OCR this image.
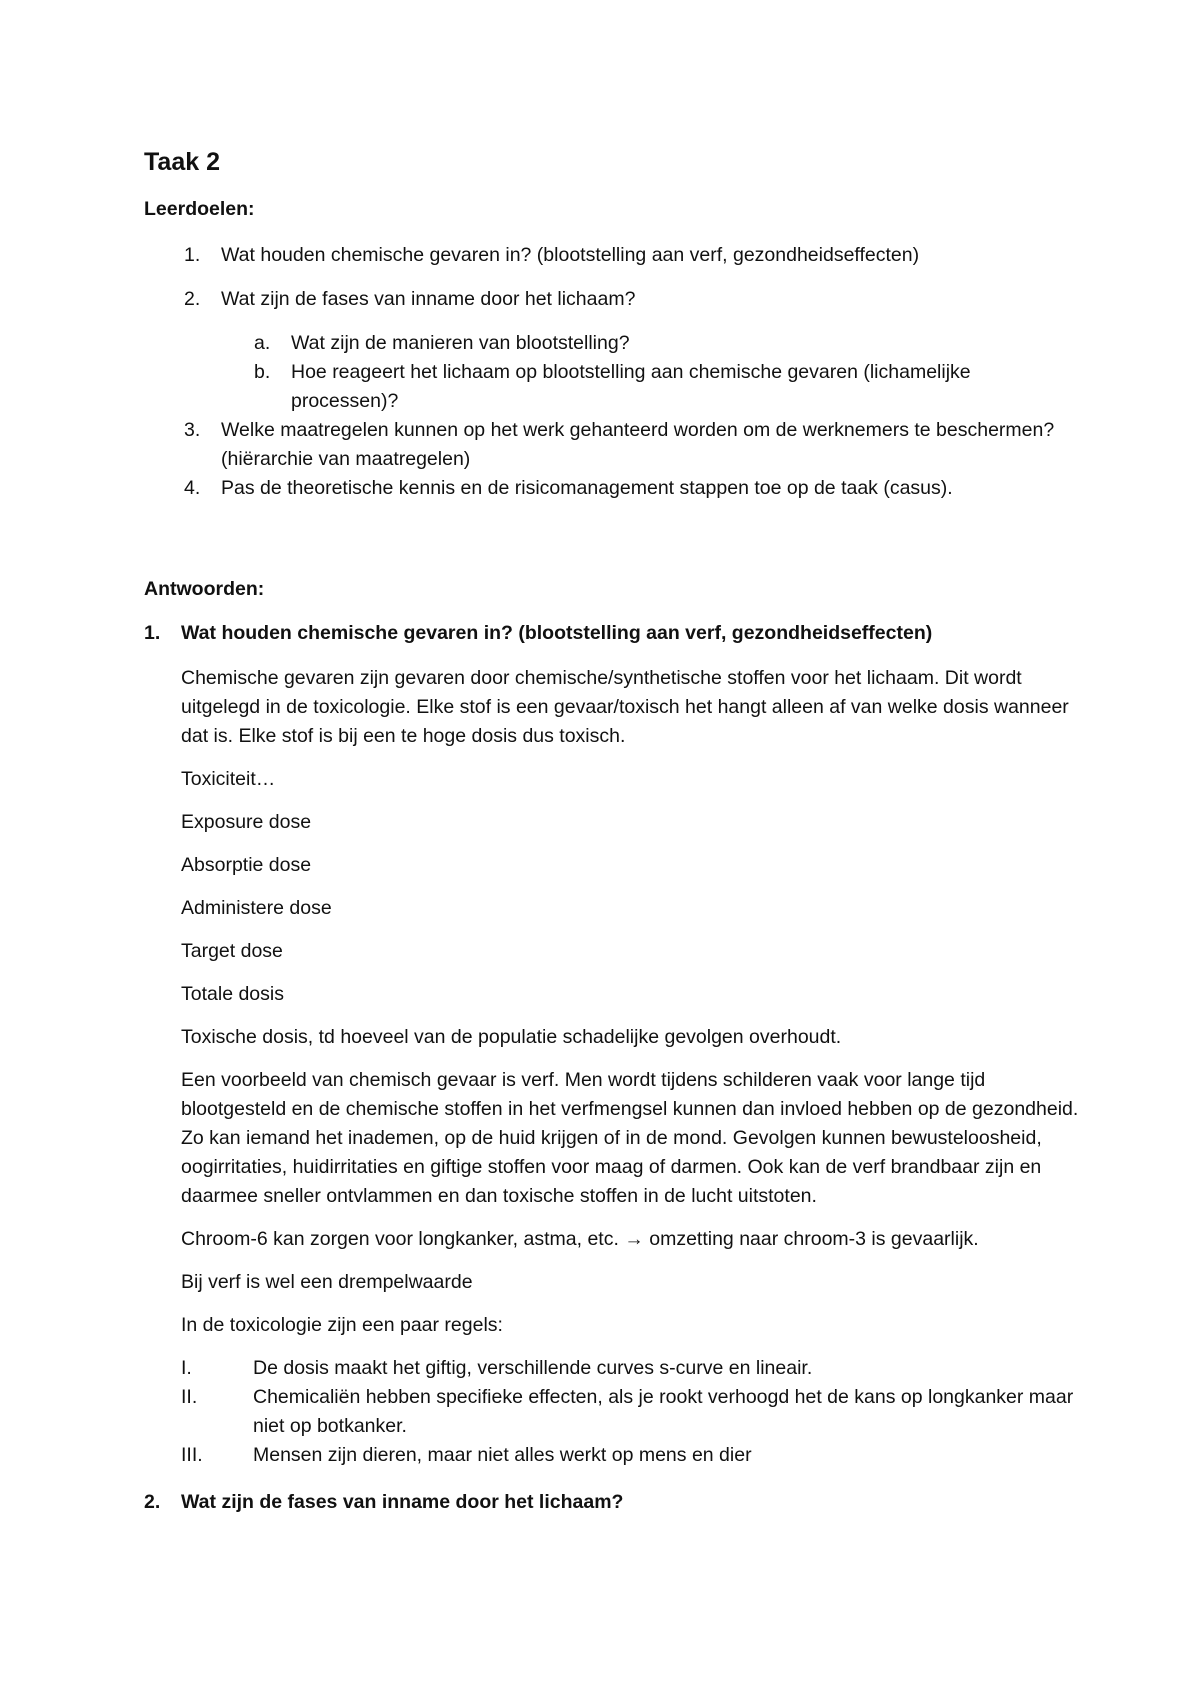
Taak 2
Leerdoelen:
1.	Wat houden chemische gevaren in? (blootstelling aan verf, gezondheidseffecten)
2.	Wat zijn de fases van inname door het lichaam?
a.	Wat zijn de manieren van blootstelling?
b.	Hoe reageert het lichaam op blootstelling aan chemische gevaren (lichamelijke processen)?
3.	Welke maatregelen kunnen op het werk gehanteerd worden om de werknemers te beschermen? (hiërarchie van maatregelen)
4.	Pas de theoretische kennis en de risicomanagement stappen toe op de taak (casus).
Antwoorden:
1.	Wat houden chemische gevaren in? (blootstelling aan verf, gezondheidseffecten)

Chemische gevaren zijn gevaren door chemische/synthetische stoffen voor het lichaam. Dit wordt uitgelegd in de toxicologie. Elke stof is een gevaar/toxisch het hangt alleen af van welke dosis wanneer dat is. Elke stof is bij een te hoge dosis dus toxisch.

Toxiciteit…

Exposure dose

Absorptie dose

Administere dose

Target dose

Totale dosis

Toxische dosis, td hoeveel van de populatie schadelijke gevolgen overhoudt.

Een voorbeeld van chemisch gevaar is verf. Men wordt tijdens schilderen vaak voor lange tijd blootgesteld en de chemische stoffen in het verfmengsel kunnen dan invloed hebben op de gezondheid. Zo kan iemand het inademen, op de huid krijgen of in de mond. Gevolgen kunnen bewusteloosheid, oogirritaties, huidirritaties en giftige stoffen voor maag of darmen. Ook kan de verf brandbaar zijn en daarmee sneller ontvlammen en dan toxische stoffen in de lucht uitstoten.

Chroom-6 kan zorgen voor longkanker, astma, etc. → omzetting naar chroom-3 is gevaarlijk.

Bij verf is wel een drempelwaarde

In de toxicologie zijn een paar regels:

I.	De dosis maakt het giftig, verschillende curves s-curve en lineair.
II.	Chemicaliën hebben specifieke effecten, als je rookt verhoogd het de kans op longkanker maar niet op botkanker.
III.	Mensen zijn dieren, maar niet alles werkt op mens en dier
2.	Wat zijn de fases van inname door het lichaam?
